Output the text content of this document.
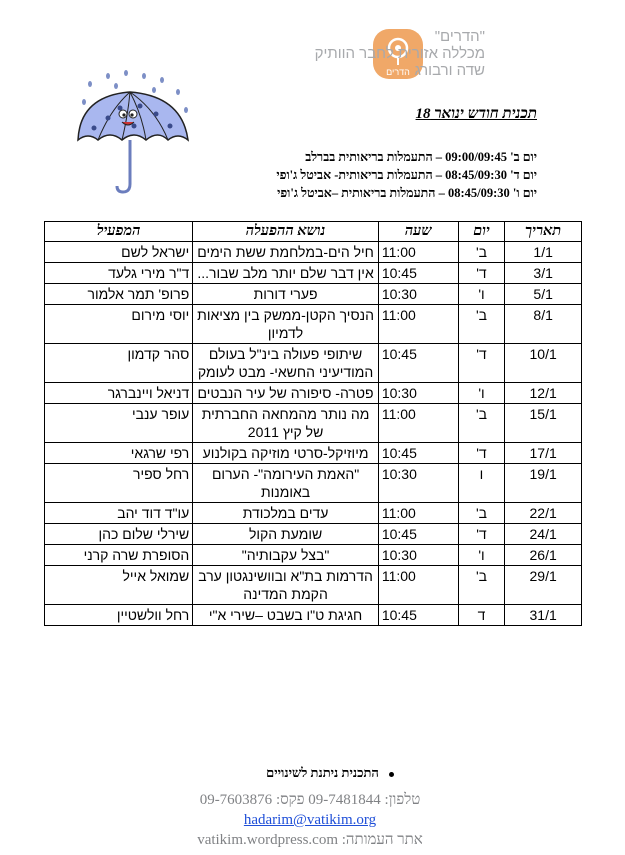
הדרים
"הדרים"
מכללה אזורית לחבר הוותיק
שדה ורבורג
תכנית חודש ינואר 18
יום ב' 09:00/09:45 – התעמלות בריאותית בברלב
יום ד' 08:45/09:30 – התעמלות בריאותית- אביטל ג'ופי
יום ו' 08:45/09:30 – התעמלות בריאותית –אביטל ג'ופי
תאריך	יום	שעה	נושא ההפעלה	המפעיל
1/1	ב'	11:00	חיל הים-במלחמת ששת הימים	ישראל לשם
3/1	ד'	10:45	אין דבר שלם יותר מלב שבור...	ד"ר מירי גלעד
5/1	ו'	10:30	פערי דורות	פרופ' תמר אלמור
8/1	ב'	11:00	הנסיך הקטן-ממשק בין מציאות לדמיון	יוסי מירום
10/1	ד'	10:45	שיתופי פעולה בינ"ל בעולם המודיעיני החשאי- מבט לעומק	סהר קדמון
12/1	ו'	10:30	פטרה- סיפורה של עיר הנבטים	דניאל ויינברגר
15/1	ב'	11:00	מה נותר מהמחאה החברתית של קיץ 2011	עופר ענבי
17/1	ד'	10:45	מיוזיקל-סרטי מוזיקה בקולנוע	רפי שרגאי
19/1	ו	10:30	"האמת העירומה"- הערום באומנות	רחל ספיר
22/1	ב'	11:00	עדים במלכודת	עו"ד דוד יהב
24/1	ד'	10:45	שומעת הקול	שירלי שלום כהן
26/1	ו'	10:30	"בצל עקבותיה"	הסופרת שרה קרני
29/1	ב'	11:00	הדרמות בת"א ובוושינגטון ערב הקמת המדינה	שמואל אייל
31/1	ד	10:45	חגיגת ט"ו בשבט –שירי א"י	רחל וולשטיין
התכנית ניתנת לשינויים
טלפון: 09-7481844 פקס: 09-7603876
hadarim@vatikim.org
אתר העמותה: vatikim.wordpress.com
